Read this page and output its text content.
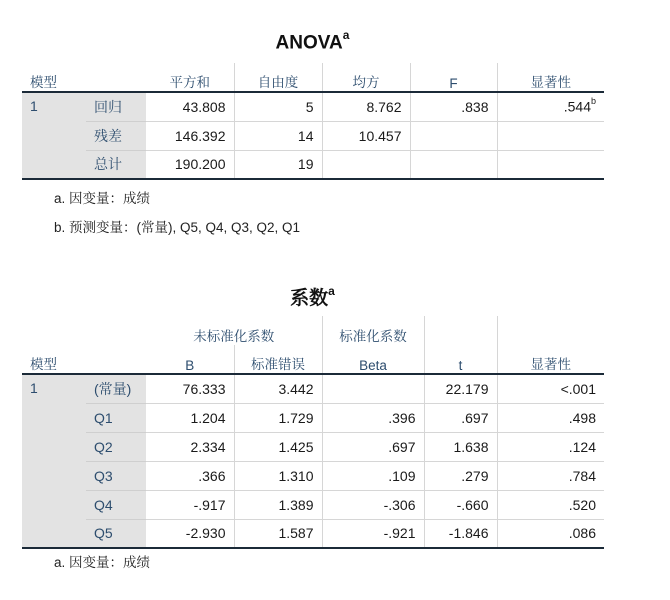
ANOVA$^a$
模型		平方和	自由度	均方	F	显著性
1	回归	43.808	5	8.762	.838	.544$^b$
	残差	146.392	14	10.457		
	总计	190.200	19			
a. 因变量：成绩
b. 预测变量：(常量), Q5, Q4, Q3, Q2, Q1
系数$^a$
		未标准化系数		标准化系数		
模型		B	标准错误	Beta	t	显著性
1	(常量)	76.333	3.442		22.179	<.001
	Q1	1.204	1.729	.396	.697	.498
	Q2	2.334	1.425	.697	1.638	.124
	Q3	.366	1.310	.109	.279	.784
	Q4	-.917	1.389	-.306	-.660	.520
	Q5	-2.930	1.587	-.921	-1.846	.086
a. 因变量：成绩
